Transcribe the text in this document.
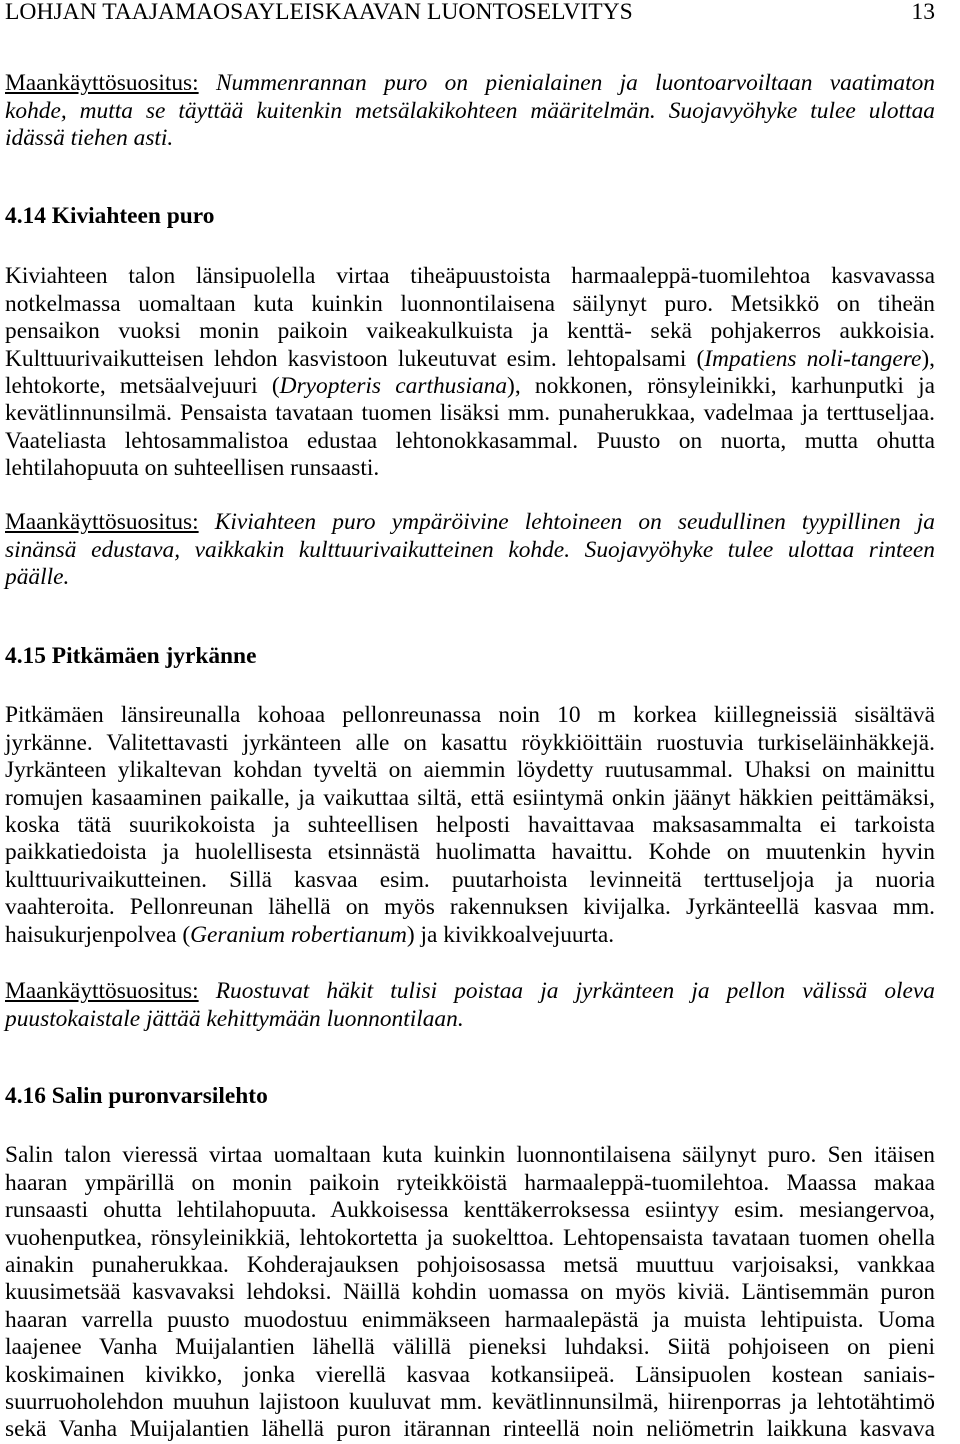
LOHJAN TAAJAMAOSAYLEISKAAVAN LUONTOSELVITYS	13
Maankäyttösuositus: Nummenrannan puro on pienialainen ja luontoarvoiltaan vaatimaton
kohde, mutta se täyttää kuitenkin metsälakikohteen määritelmän. Suojavyöhyke tulee ulottaa
idässä tiehen asti.
4.14 Kiviahteen puro
Kiviahteen talon länsipuolella virtaa tiheäpuustoista harmaaleppä-tuomilehtoa kasvavassa
notkelmassa uomaltaan kuta kuinkin luonnontilaisena säilynyt puro. Metsikkö on tiheän
pensaikon vuoksi monin paikoin vaikeakulkuista ja kenttä- sekä pohjakerros aukkoisia.
Kulttuurivaikutteisen lehdon kasvistoon lukeutuvat esim. lehtopalsami (Impatiens noli-tangere),
lehtokorte, metsäalvejuuri (Dryopteris carthusiana), nokkonen, rönsyleinikki, karhunputki ja
kevätlinnunsilmä. Pensaista tavataan tuomen lisäksi mm. punaherukkaa, vadelmaa ja terttuseljaa.
Vaateliasta lehtosammalistoa edustaa lehtonokkasammal. Puusto on nuorta, mutta ohutta
lehtilahopuuta on suhteellisen runsaasti.
Maankäyttösuositus: Kiviahteen puro ympäröivine lehtoineen on seudullinen tyypillinen ja
sinänsä edustava, vaikkakin kulttuurivaikutteinen kohde. Suojavyöhyke tulee ulottaa rinteen
päälle.
4.15 Pitkämäen jyrkänne
Pitkämäen länsireunalla kohoaa pellonreunassa noin 10 m korkea kiillegneissiä sisältävä
jyrkänne. Valitettavasti jyrkänteen alle on kasattu röykkiöittäin ruostuvia turkiseläinhäkkejä.
Jyrkänteen ylikaltevan kohdan tyveltä on aiemmin löydetty ruutusammal. Uhaksi on mainittu
romujen kasaaminen paikalle, ja vaikuttaa siltä, että esiintymä onkin jäänyt häkkien peittämäksi,
koska tätä suurikokoista ja suhteellisen helposti havaittavaa maksasammalta ei tarkoista
paikkatiedoista ja huolellisesta etsinnästä huolimatta havaittu. Kohde on muutenkin hyvin
kulttuurivaikutteinen. Sillä kasvaa esim. puutarhoista levinneitä terttuseljoja ja nuoria
vaahteroita. Pellonreunan lähellä on myös rakennuksen kivijalka. Jyrkänteellä kasvaa mm.
haisukurjenpolvea (Geranium robertianum) ja kivikkoalvejuurta.
Maankäyttösuositus: Ruostuvat häkit tulisi poistaa ja jyrkänteen ja pellon välissä oleva
puustokaistale jättää kehittymään luonnontilaan.
4.16 Salin puronvarsilehto
Salin talon vieressä virtaa uomaltaan kuta kuinkin luonnontilaisena säilynyt puro. Sen itäisen
haaran ympärillä on monin paikoin ryteikköistä harmaaleppä-tuomilehtoa. Maassa makaa
runsaasti ohutta lehtilahopuuta. Aukkoisessa kenttäkerroksessa esiintyy esim. mesiangervoa,
vuohenputkea, rönsyleinikkiä, lehtokortetta ja suokelttoa. Lehtopensaista tavataan tuomen ohella
ainakin punaherukkaa. Kohderajauksen pohjoisosassa metsä muuttuu varjoisaksi, vankkaa
kuusimetsää kasvavaksi lehdoksi. Näillä kohdin uomassa on myös kiviä. Läntisemmän puron
haaran varrella puusto muodostuu enimmäkseen harmaalepästä ja muista lehtipuista. Uoma
laajenee Vanha Muijalantien lähellä välillä pieneksi luhdaksi. Siitä pohjoiseen on pieni
koskimainen kivikko, jonka vierellä kasvaa kotkansiipeä. Länsipuolen kostean saniais-
suurruoholehdon muuhun lajistoon kuuluvat mm. kevätlinnunsilmä, hiirenporras ja lehtotähtimö
sekä Vanha Muijalantien lähellä puron itärannan rinteellä noin neliömetrin laikkuna kasvava
